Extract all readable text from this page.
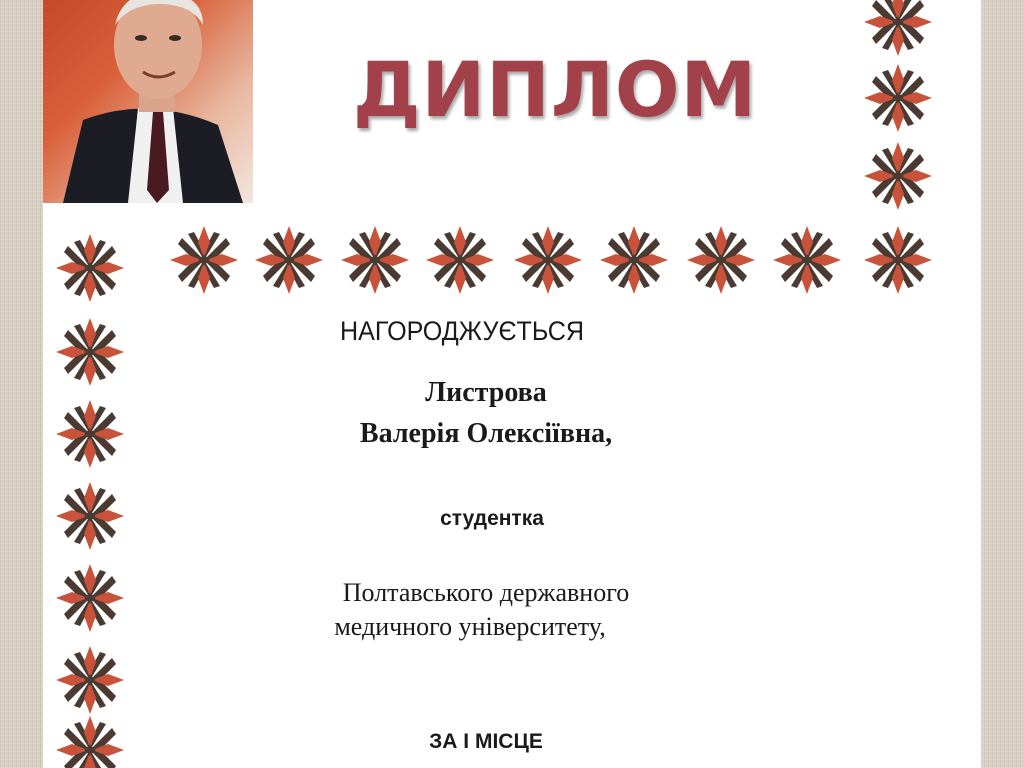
ДИПЛОМ
НАГОРОДЖУЄТЬСЯ
Листрова
Валерія Олексіївна,
студентка
Полтавського державного
медичного університету,
ЗА І МІСЦЕ
